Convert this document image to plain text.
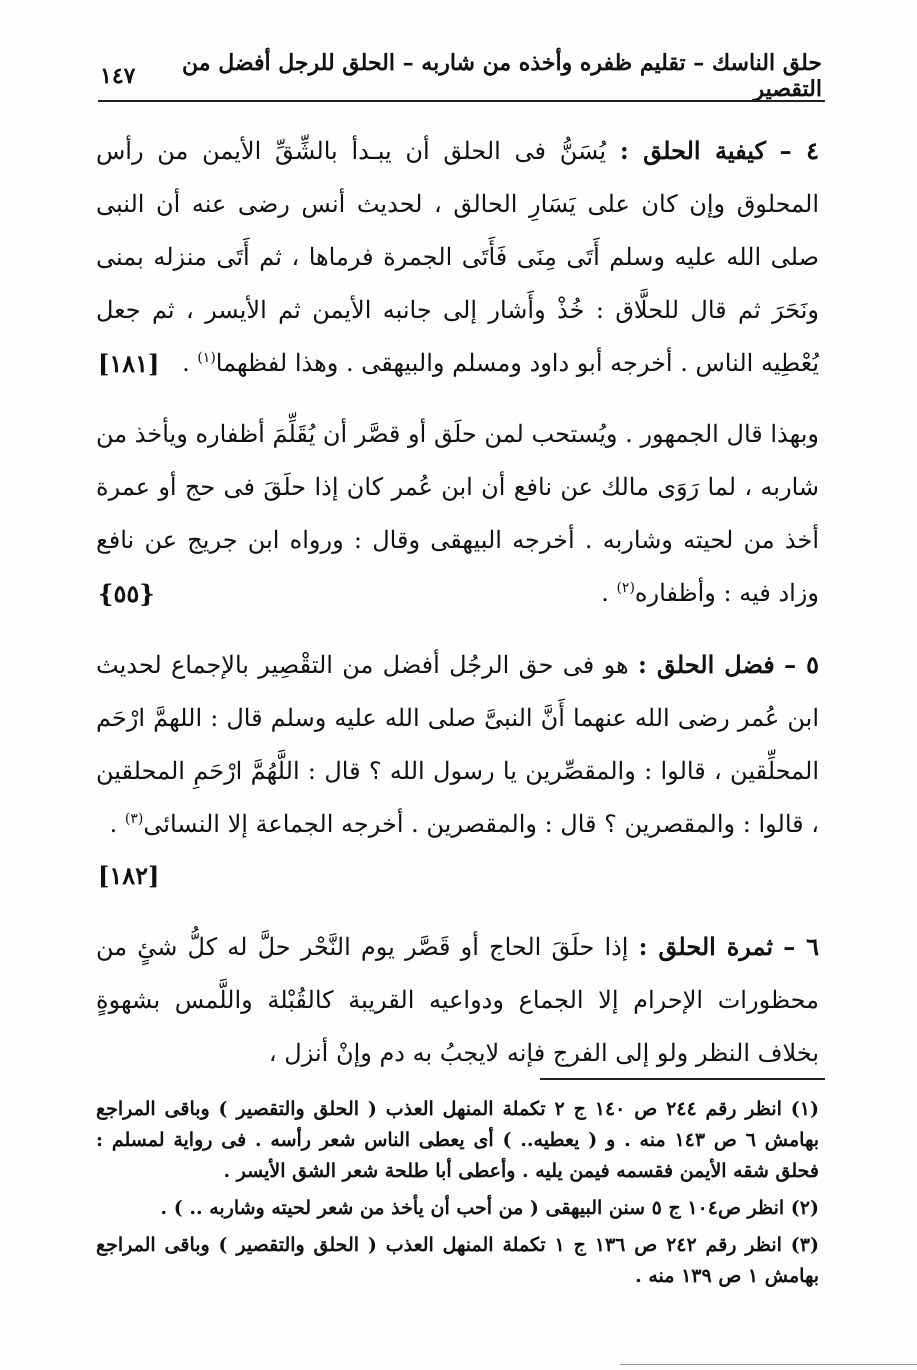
حلق الناسك – تقليم ظفره وأخذه من شاربه – الحلق للرجل أفضل من التقصير
١٤٧
٤ – كيفية الحلق : يُسَنُّ فى الحلق أن يبـدأ بالشِّقِّ الأيمن من رأس المحلوق وإن كان على يَسَارِ الحالق ، لحديث أنس رضى عنه أن النبى صلى الله عليه وسلم أَتَى مِنَى فَأَتَى الجمرة فرماها ، ثم أَتَى منزله بمنى ونَحَرَ ثم قال للحلَّاق : خُذْ وأَشار إلى جانبه الأيمن ثم الأيسر ، ثم جعل يُعْطِيه الناس . أخرجه أبو داود ومسلم والبيهقى . وهذا لفظهما$^{(١)}$ .
[١٨١]
وبهذا قال الجمهور . ويُستحب لمن حلَق أو قصَّر أن يُقَلِّمَ أظفاره ويأخذ من شاربه ، لما رَوَى مالك عن نافع أن ابن عُمر كان إذا حلَقَ فى حج أو عمرة أخذ من لحيته وشاربه . أخرجه البيهقى وقال : ورواه ابن جريج عن نافع وزاد فيه : وأظفاره$^{(٢)}$ .
{٥٥}
٥ – فضل الحلق : هو فى حق الرجُل أفضل من التقْصِير بالإجماع لحديث ابن عُمر رضى الله عنهما أَنَّ النبىَّ صلى الله عليه وسلم قال : اللهمَّ ارْحَم المحلِّقين ، قالوا : والمقصِّرين يا رسول الله ؟ قال : اللَّهُمَّ ارْحَمِ المحلقين ، قالوا : والمقصرين ؟ قال : والمقصرين . أخرجه الجماعة إلا النسائى$^{(٣)}$ .
[١٨٢]
٦ – ثمرة الحلق : إذا حلَقَ الحاج أو قَصَّر يوم النَّحْر حلَّ له كلُّ شئٍ من محظورات الإحرام إلا الجماع ودواعيه القريبة كالقُبْلة واللَّمس بشهوةٍ بخلاف النظر ولو إلى الفرج فإنه لايجبُ به دم وإنْ أنزل ،

(١) انظر رقم ٢٤٤ ص ١٤٠ ج ٢ تكملة المنهل العذب ( الحلق والتقصير ) وباقى المراجع بهامش ٦ ص ١٤٣ منه . و ( يعطيه.. ) أى يعطى الناس شعر رأسه . فى رواية لمسلم : فحلق شقه الأيمن فقسمه فيمن يليه . وأعطى أبا طلحة شعر الشق الأيسر .

(٢) انظر ص١٠٤ ج ٥ سنن البيهقى ( من أحب أن يأخذ من شعر لحيته وشاربه .. ) .

(٣) انظر رقم ٢٤٢ ص ١٣٦ ج ١ تكملة المنهل العذب ( الحلق والتقصير ) وباقى المراجع بهامش ١ ص ١٣٩ منه .
